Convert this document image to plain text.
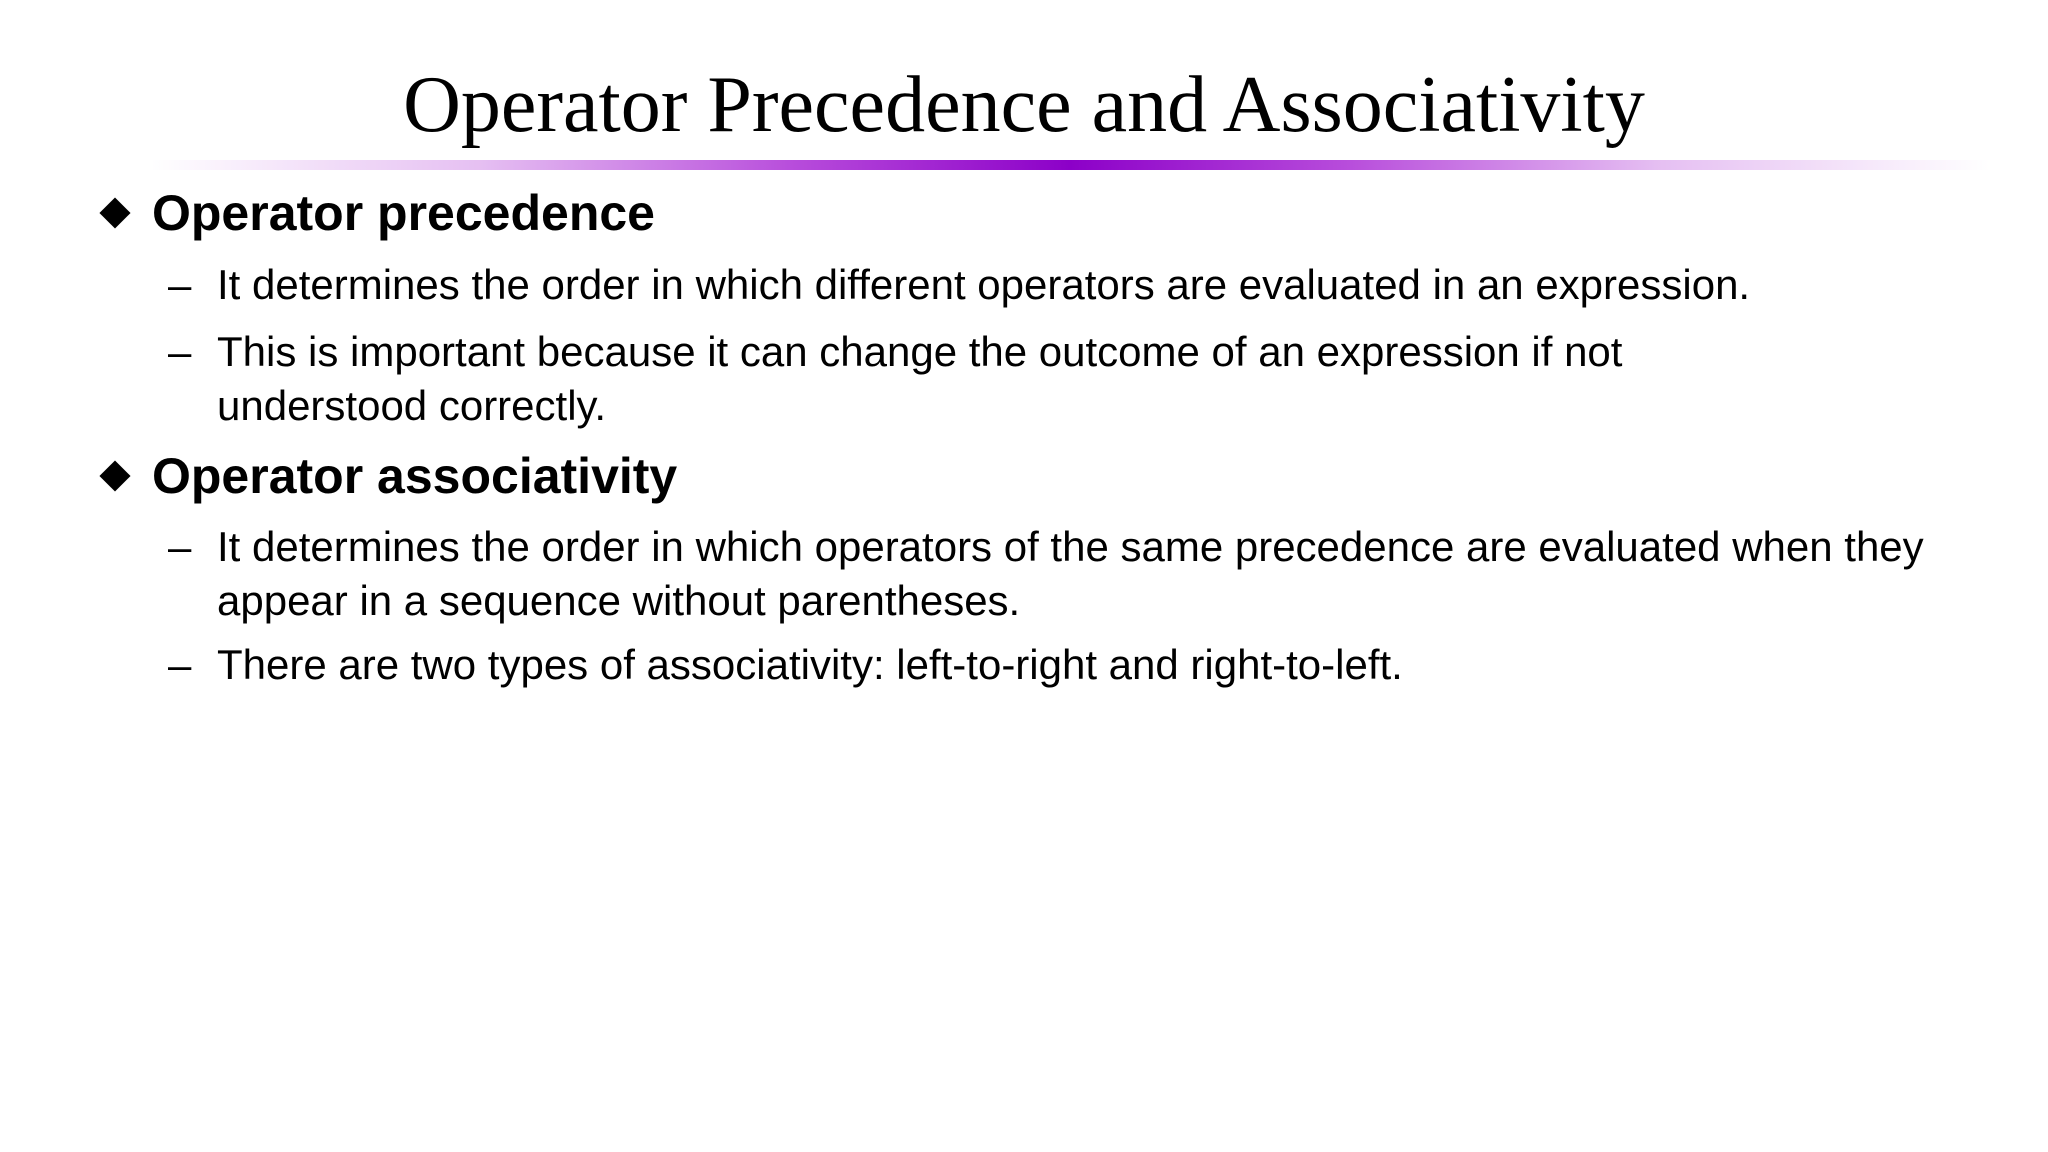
Operator Precedence and Associativity
Operator precedence
– It determines the order in which different operators are evaluated in an expression.
– This is important because it can change the outcome of an expression if not understood correctly.
Operator associativity
– It determines the order in which operators of the same precedence are evaluated when they appear in a sequence without parentheses.
– There are two types of associativity: left-to-right and right-to-left.
